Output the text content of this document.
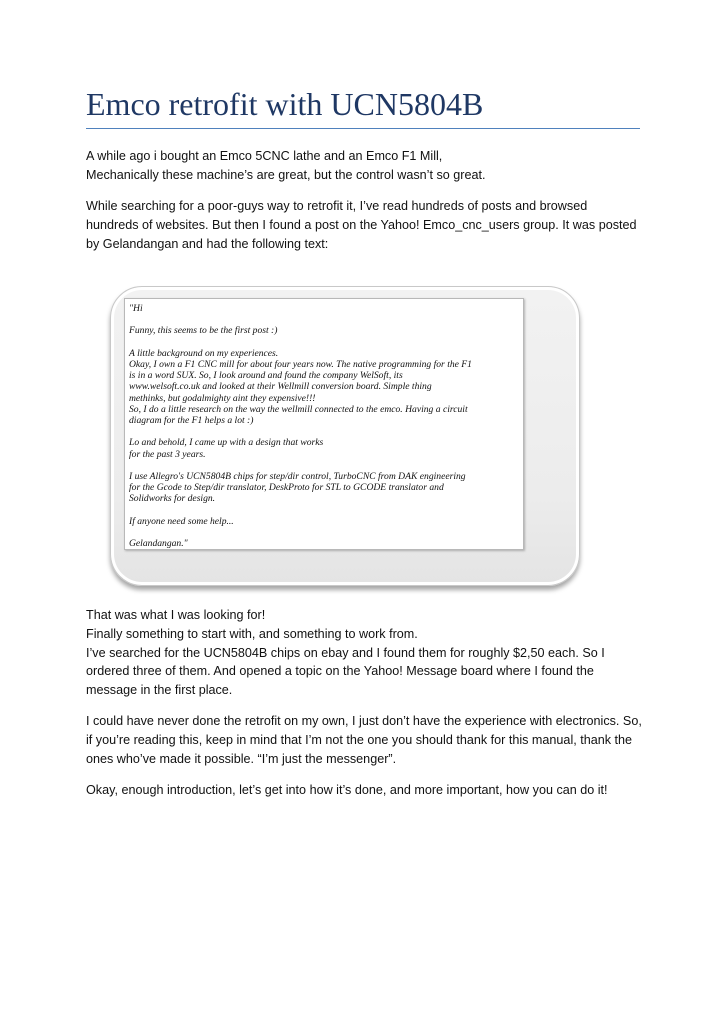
Emco retrofit with UCN5804B

A while ago i bought an Emco 5CNC lathe and an Emco F1 Mill,

Mechanically these machine’s are great, but the control wasn’t so great.

While searching for a poor-guys way to retrofit it, I’ve read hundreds of posts and browsed hundreds of websites. But then I found a post on the Yahoo! Emco_cnc_users group. It was posted by Gelandangan and had the following text:

"Hi

Funny, this seems to be the first post :)

A little background on my experiences.

Okay, I own a F1 CNC mill for about four years now. The native programming for the F1

is in a word SUX. So, I look around and found the company WelSoft, its

www.welsoft.co.uk and looked at their Wellmill conversion board. Simple thing

methinks, but godalmighty aint they expensive!!!

So, I do a little research on the way the wellmill connected to the emco. Having a circuit

diagram for the F1 helps a lot :)

Lo and behold, I came up with a design that works

for the past 3 years.

I use Allegro's UCN5804B chips for step/dir control, TurboCNC from DAK engineering

for the Gcode to Step/dir translator, DeskProto for STL to GCODE translator and

Solidworks for design.

If anyone need some help...

Gelandangan."

That was what I was looking for!

Finally something to start with, and something to work from.

I’ve searched for the UCN5804B chips on ebay and I found them for roughly $2,50 each. So I ordered three of them. And opened a topic on the Yahoo! Message board where I found the message in the first place.

I could have never done the retrofit on my own, I just don’t have the experience with electronics. So, if you’re reading this, keep in mind that I’m not the one you should thank for this manual, thank the ones who’ve made it possible. “I’m just the messenger”.

Okay, enough introduction, let’s get into how it’s done, and more important, how you can do it!
